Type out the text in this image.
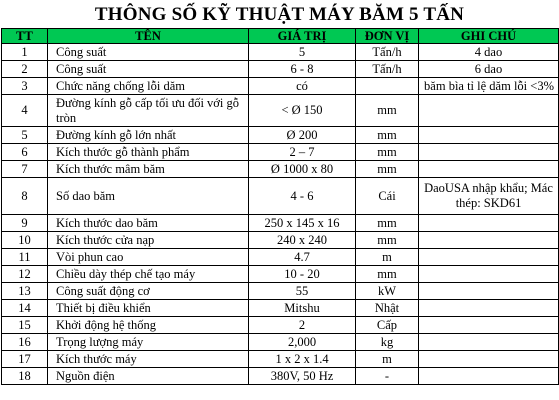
THÔNG SỐ KỸ THUẬT MÁY BĂM 5 TẤN
TT	TÊN	GIÁ TRỊ	ĐƠN VỊ	GHI CHÚ
1	Công suất	5	Tấn/h	4 dao
2	Công suất	6 - 8	Tấn/h	6 dao
3	Chức năng chống lỗi dăm	có		băm bìa tỉ lệ dăm lỗi <3%
4	Đường kính gỗ cấp tối ưu đối với gỗ tròn	< Ø 150	mm	
5	Đường kính gỗ lớn nhất	Ø 200	mm	
6	Kích thước gỗ thành phẩm	2 – 7	mm	
7	Kích thước mâm băm	Ø 1000 x 80	mm	
8	Số dao băm	4 - 6	Cái	DaoUSA nhập khẩu; Mác thép: SKD61
9	Kích thước dao băm	250 x 145 x 16	mm	
10	Kích thước cửa nạp	240 x 240	mm	
11	Vòi phun cao	4.7	m	
12	Chiều dày thép chế tạo máy	10 - 20	mm	
13	Công suất động cơ	55	kW	
14	Thiết bị điều khiển	Mitshu	Nhật	
15	Khởi động hệ thống	2	Cấp	
16	Trọng lượng máy	2,000	kg	
17	Kích thước máy	1 x 2 x 1.4	m	
18	Nguồn điện	380V, 50 Hz	-	
